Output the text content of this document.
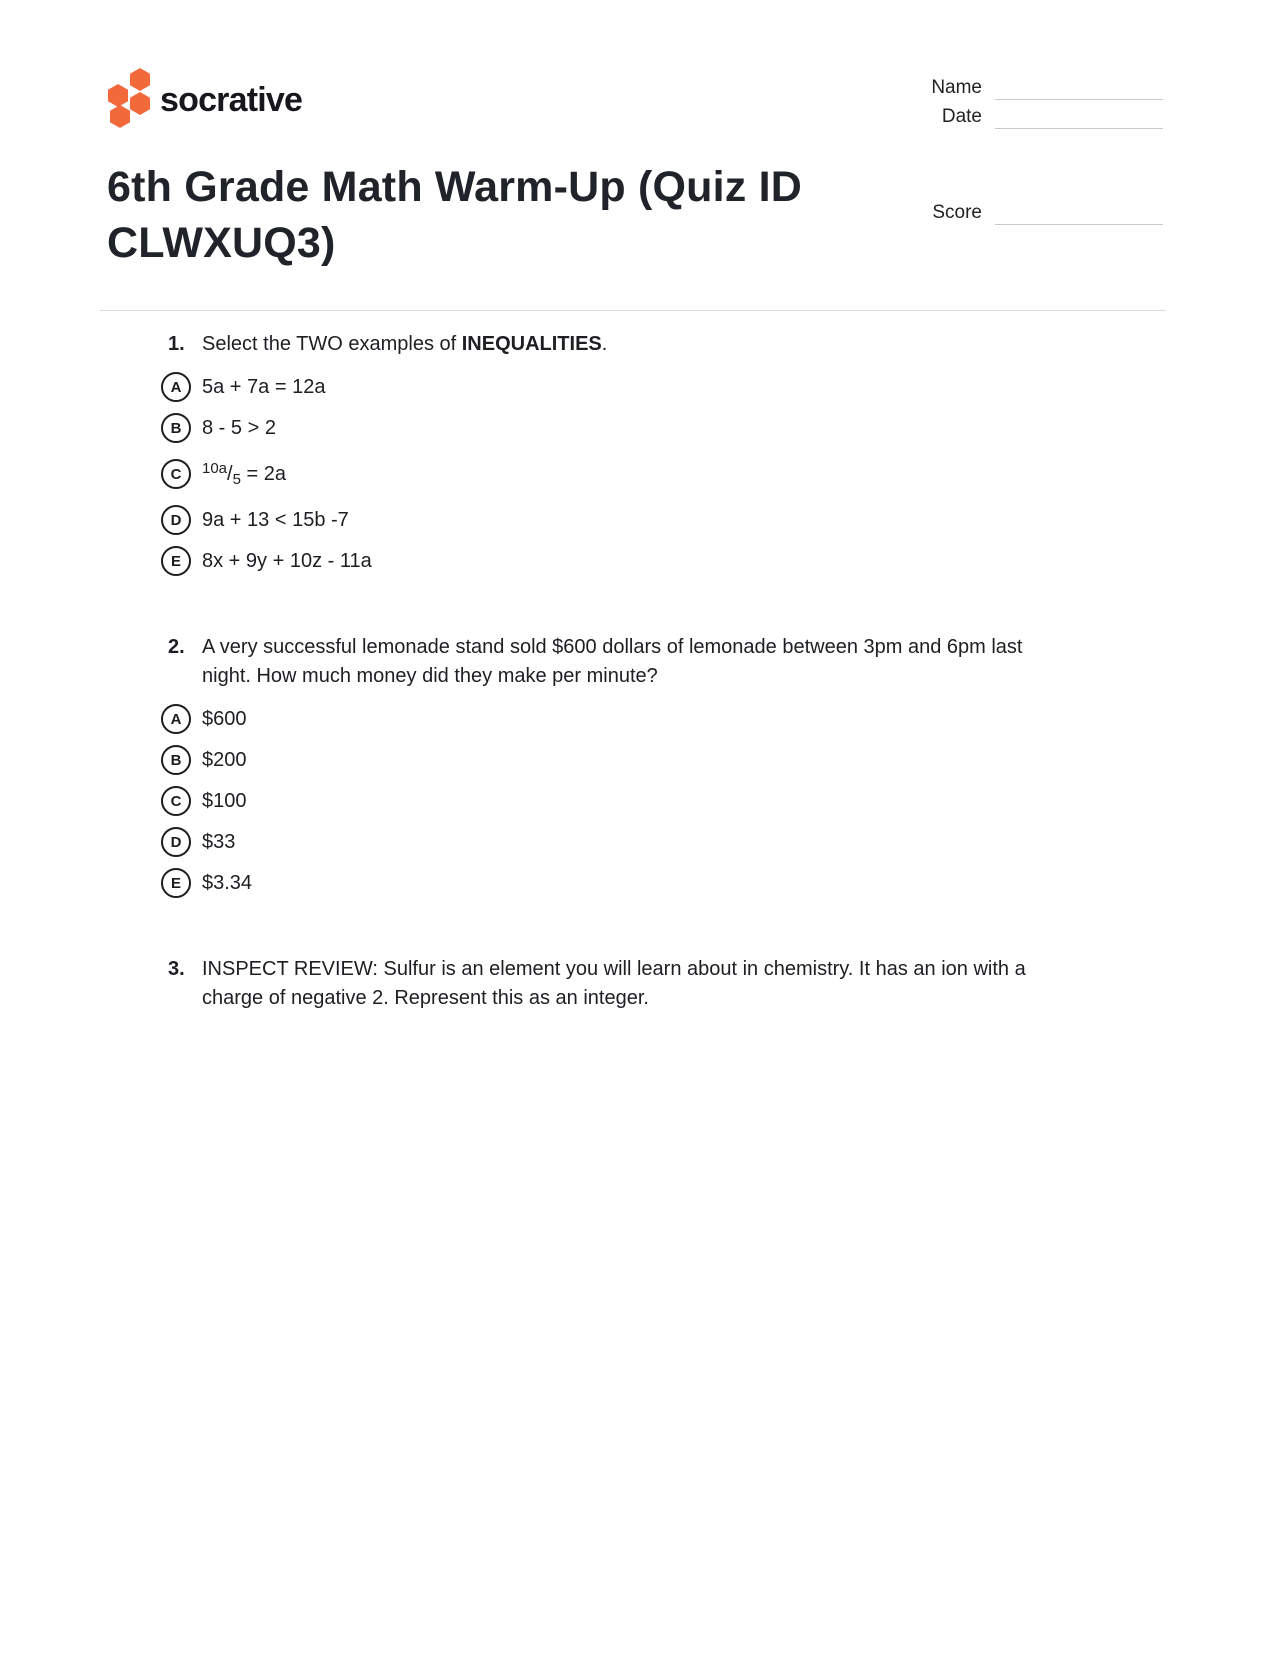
socrative	Name
Date
Score
6th Grade Math Warm-Up (Quiz ID CLWXUQ3)
1. Select the TWO examples of INEQUALITIES.

A	5a + 7a = 12a
B	8 - 5 > 2
C	$^{10a}/_5 = 2a$
D	9a + 13 < 15b -7
E	8x + 9y + 10z - 11a
2. A very successful lemonade stand sold $600 dollars of lemonade between 3pm and 6pm last night. How much money did they make per minute?

A	$600
B	$200
C	$100
D	$33
E	$3.34
3. INSPECT REVIEW: Sulfur is an element you will learn about in chemistry. It has an ion with a charge of negative 2. Represent this as an integer.
